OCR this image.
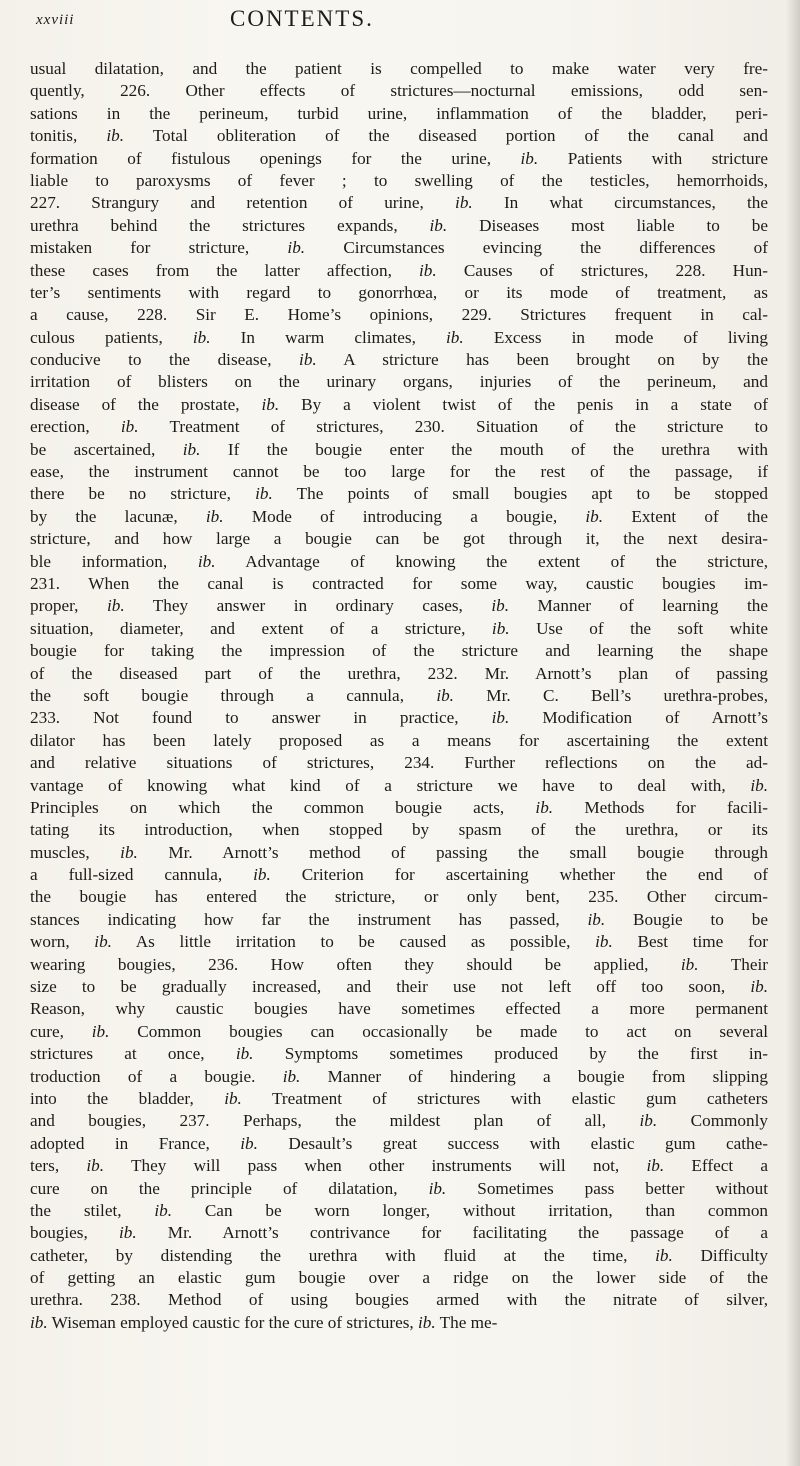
xxviii	CONTENTS.
usual dilatation, and the patient is compelled to make water very fre-
quently, 226. Other effects of strictures—nocturnal emissions, odd sen-
sations in the perineum, turbid urine, inflammation of the bladder, peri-
tonitis, ib. Total obliteration of the diseased portion of the canal and
formation of fistulous openings for the urine, ib. Patients with stricture
liable to paroxysms of fever ; to swelling of the testicles, hemorrhoids,
227. Strangury and retention of urine, ib. In what circumstances, the
urethra behind the strictures expands, ib. Diseases most liable to be
mistaken for stricture, ib. Circumstances evincing the differences of
these cases from the latter affection, ib. Causes of strictures, 228. Hun-
ter’s sentiments with regard to gonorrhœa, or its mode of treatment, as
a cause, 228. Sir E. Home’s opinions, 229. Strictures frequent in cal-
culous patients, ib. In warm climates, ib. Excess in mode of living
conducive to the disease, ib. A stricture has been brought on by the
irritation of blisters on the urinary organs, injuries of the perineum, and
disease of the prostate, ib. By a violent twist of the penis in a state of
erection, ib. Treatment of strictures, 230. Situation of the stricture to
be ascertained, ib. If the bougie enter the mouth of the urethra with
ease, the instrument cannot be too large for the rest of the passage, if
there be no stricture, ib. The points of small bougies apt to be stopped
by the lacunæ, ib. Mode of introducing a bougie, ib. Extent of the
stricture, and how large a bougie can be got through it, the next desira-
ble information, ib. Advantage of knowing the extent of the stricture,
231. When the canal is contracted for some way, caustic bougies im-
proper, ib. They answer in ordinary cases, ib. Manner of learning the
situation, diameter, and extent of a stricture, ib. Use of the soft white
bougie for taking the impression of the stricture and learning the shape
of the diseased part of the urethra, 232. Mr. Arnott’s plan of passing
the soft bougie through a cannula, ib. Mr. C. Bell’s urethra-probes,
233. Not found to answer in practice, ib. Modification of Arnott’s
dilator has been lately proposed as a means for ascertaining the extent
and relative situations of strictures, 234. Further reflections on the ad-
vantage of knowing what kind of a stricture we have to deal with, ib.
Principles on which the common bougie acts, ib. Methods for facili-
tating its introduction, when stopped by spasm of the urethra, or its
muscles, ib. Mr. Arnott’s method of passing the small bougie through
a full-sized cannula, ib. Criterion for ascertaining whether the end of
the bougie has entered the stricture, or only bent, 235. Other circum-
stances indicating how far the instrument has passed, ib. Bougie to be
worn, ib. As little irritation to be caused as possible, ib. Best time for
wearing bougies, 236. How often they should be applied, ib. Their
size to be gradually increased, and their use not left off too soon, ib.
Reason, why caustic bougies have sometimes effected a more permanent
cure, ib. Common bougies can occasionally be made to act on several
strictures at once, ib. Symptoms sometimes produced by the first in-
troduction of a bougie. ib. Manner of hindering a bougie from slipping
into the bladder, ib. Treatment of strictures with elastic gum catheters
and bougies, 237. Perhaps, the mildest plan of all, ib. Commonly
adopted in France, ib. Desault’s great success with elastic gum cathe-
ters, ib. They will pass when other instruments will not, ib. Effect a
cure on the principle of dilatation, ib. Sometimes pass better without
the stilet, ib. Can be worn longer, without irritation, than common
bougies, ib. Mr. Arnott’s contrivance for facilitating the passage of a
catheter, by distending the urethra with fluid at the time, ib. Difficulty
of getting an elastic gum bougie over a ridge on the lower side of the
urethra. 238. Method of using bougies armed with the nitrate of silver,
ib. Wiseman employed caustic for the cure of strictures, ib. The me-
